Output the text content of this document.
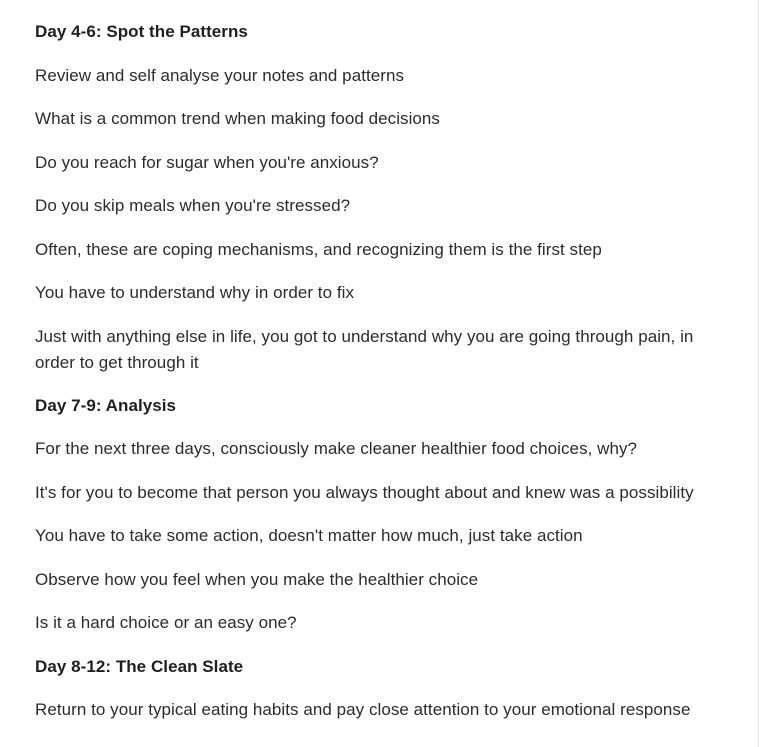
Day 4-6: Spot the Patterns
Review and self analyse your notes and patterns
What is a common trend when making food decisions
Do you reach for sugar when you're anxious?
Do you skip meals when you're stressed?
Often, these are coping mechanisms, and recognizing them is the first step
You have to understand why in order to fix
Just with anything else in life, you got to understand why you are going through pain, in order to get through it
Day 7-9: Analysis
For the next three days, consciously make cleaner healthier food choices, why?
It's for you to become that person you always thought about and knew was a possibility
You have to take some action, doesn't matter how much, just take action
Observe how you feel when you make the healthier choice
Is it a hard choice or an easy one?
Day 8-12: The Clean Slate
Return to your typical eating habits and pay close attention to your emotional response
